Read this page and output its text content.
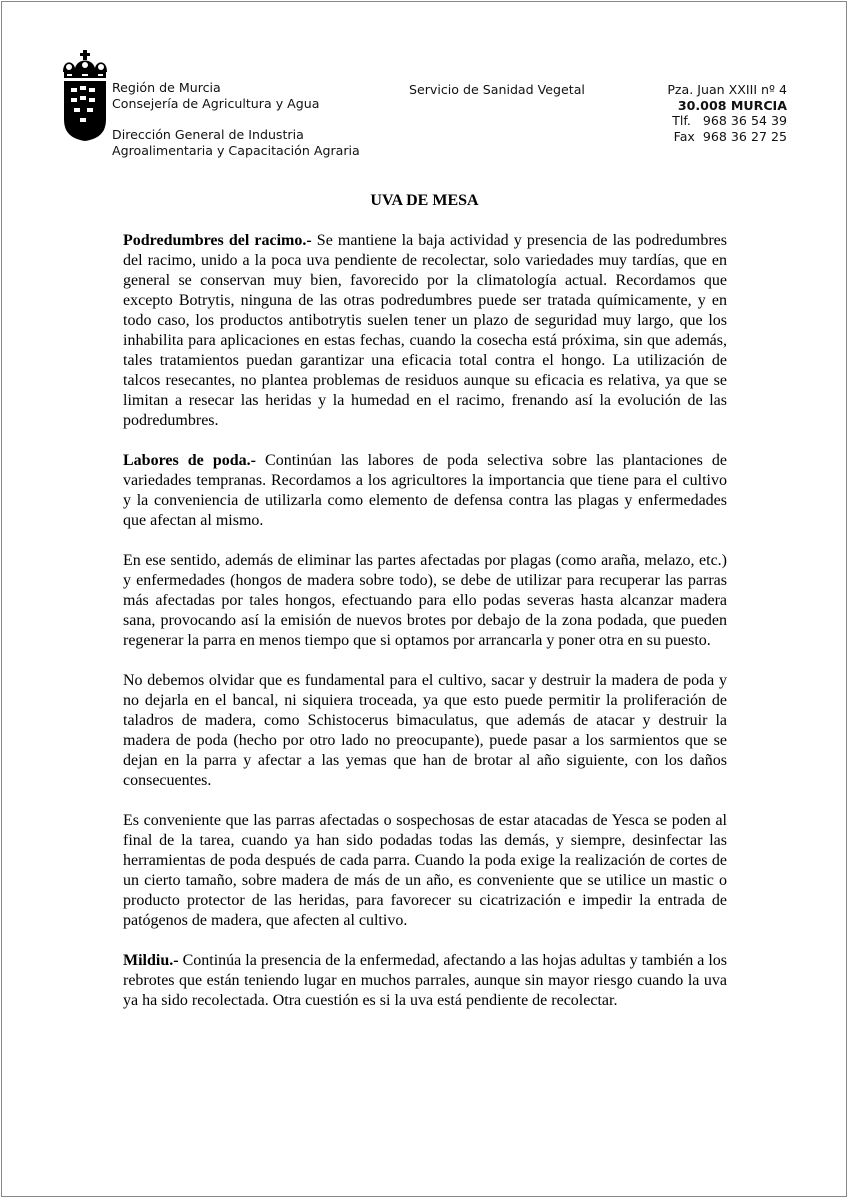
Región de Murcia
Consejería de Agricultura y Agua
Dirección General de Industria
Agroalimentaria y Capacitación Agraria
Servicio de Sanidad Vegetal	Pza. Juan XXIII nº 4
30.008 MURCIA
Tlf.   968 36 54 39
Fax  968 36 27 25
UVA DE MESA

Podredumbres del racimo.- Se mantiene la baja actividad y presencia de las podredumbres del racimo, unido a la poca uva pendiente de recolectar, solo variedades muy tardías, que en general se conservan muy bien, favorecido por la climatología actual. Recordamos que excepto Botrytis, ninguna de las otras podredumbres puede ser tratada químicamente, y en todo caso, los productos antibotrytis suelen tener un plazo de seguridad muy largo, que los inhabilita para aplicaciones en estas fechas, cuando la cosecha está próxima, sin que además, tales tratamientos puedan garantizar una eficacia total contra el hongo. La utilización de talcos resecantes, no plantea problemas de residuos aunque su eficacia es relativa, ya que se limitan a resecar las heridas y la humedad en el racimo, frenando así la evolución de las podredumbres.

Labores de poda.- Continúan las labores de poda selectiva sobre las plantaciones de variedades tempranas. Recordamos a los agricultores la importancia que tiene para el cultivo y la conveniencia de utilizarla como elemento de defensa contra las plagas y enfermedades que afectan al mismo.

En ese sentido, además de eliminar las partes afectadas por plagas (como araña, melazo, etc.) y enfermedades (hongos de madera sobre todo), se debe de utilizar para recuperar las parras más afectadas por tales hongos, efectuando para ello podas severas hasta alcanzar madera sana, provocando así la emisión de nuevos brotes por debajo de la zona podada, que pueden regenerar la parra en menos tiempo que si optamos por arrancarla y poner otra en su puesto.

No debemos olvidar que es fundamental para el cultivo, sacar y destruir la madera de poda y no dejarla en el bancal, ni siquiera troceada, ya que esto puede permitir la proliferación de taladros de madera, como Schistocerus bimaculatus, que además de atacar y destruir la madera de poda (hecho por otro lado no preocupante), puede pasar a los sarmientos que se dejan en la parra y afectar a las yemas que han de brotar al año siguiente, con los daños consecuentes.

Es conveniente que las parras afectadas o sospechosas de estar atacadas de Yesca se poden al final de la tarea, cuando ya han sido podadas todas las demás, y siempre, desinfectar las herramientas de poda después de cada parra. Cuando la poda exige la realización de cortes de un cierto tamaño, sobre madera de más de un año, es conveniente que se utilice un mastic o producto protector de las heridas, para favorecer su cicatrización e impedir la entrada de patógenos de madera, que afecten al cultivo.

Mildiu.- Continúa la presencia de la enfermedad, afectando a las hojas adultas y también a los rebrotes que están teniendo lugar en muchos parrales, aunque sin mayor riesgo cuando la uva ya ha sido recolectada. Otra cuestión es si la uva está pendiente de recolectar.
